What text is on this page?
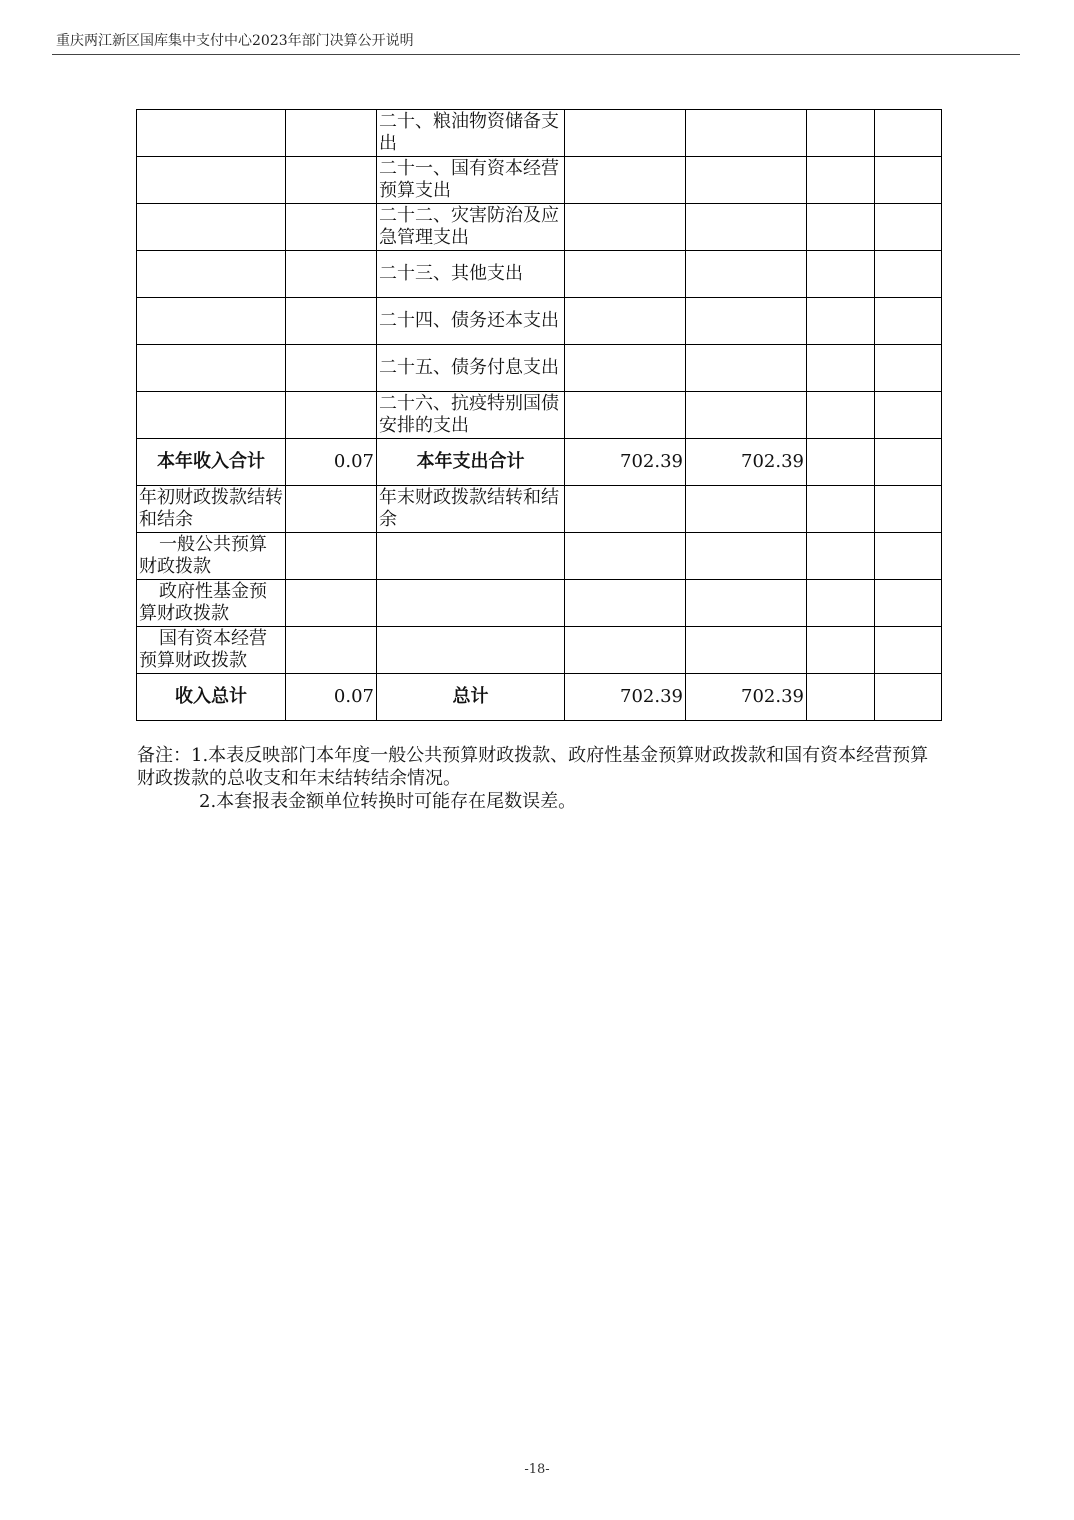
重庆两江新区国库集中支付中心2023年部门决算公开说明
		二十、粮油物资储备支出				
		二十一、国有资本经营预算支出				
		二十二、灾害防治及应急管理支出				
		二十三、其他支出				
		二十四、债务还本支出				
		二十五、债务付息支出				
		二十六、抗疫特别国债安排的支出				
本年收入合计	0.07	本年支出合计	702.39	702.39		
年初财政拨款结转和结余		年末财政拨款结转和结余				
一般公共预算财政拨款						
政府性基金预算财政拨款						
国有资本经营预算财政拨款						
收入总计	0.07	总计	702.39	702.39		

备注：1.本表反映部门本年度一般公共预算财政拨款、政府性基金预算财政拨款和国有资本经营预算财政拨款的总收支和年末结转结余情况。

2.本套报表金额单位转换时可能存在尾数误差。

-18-
